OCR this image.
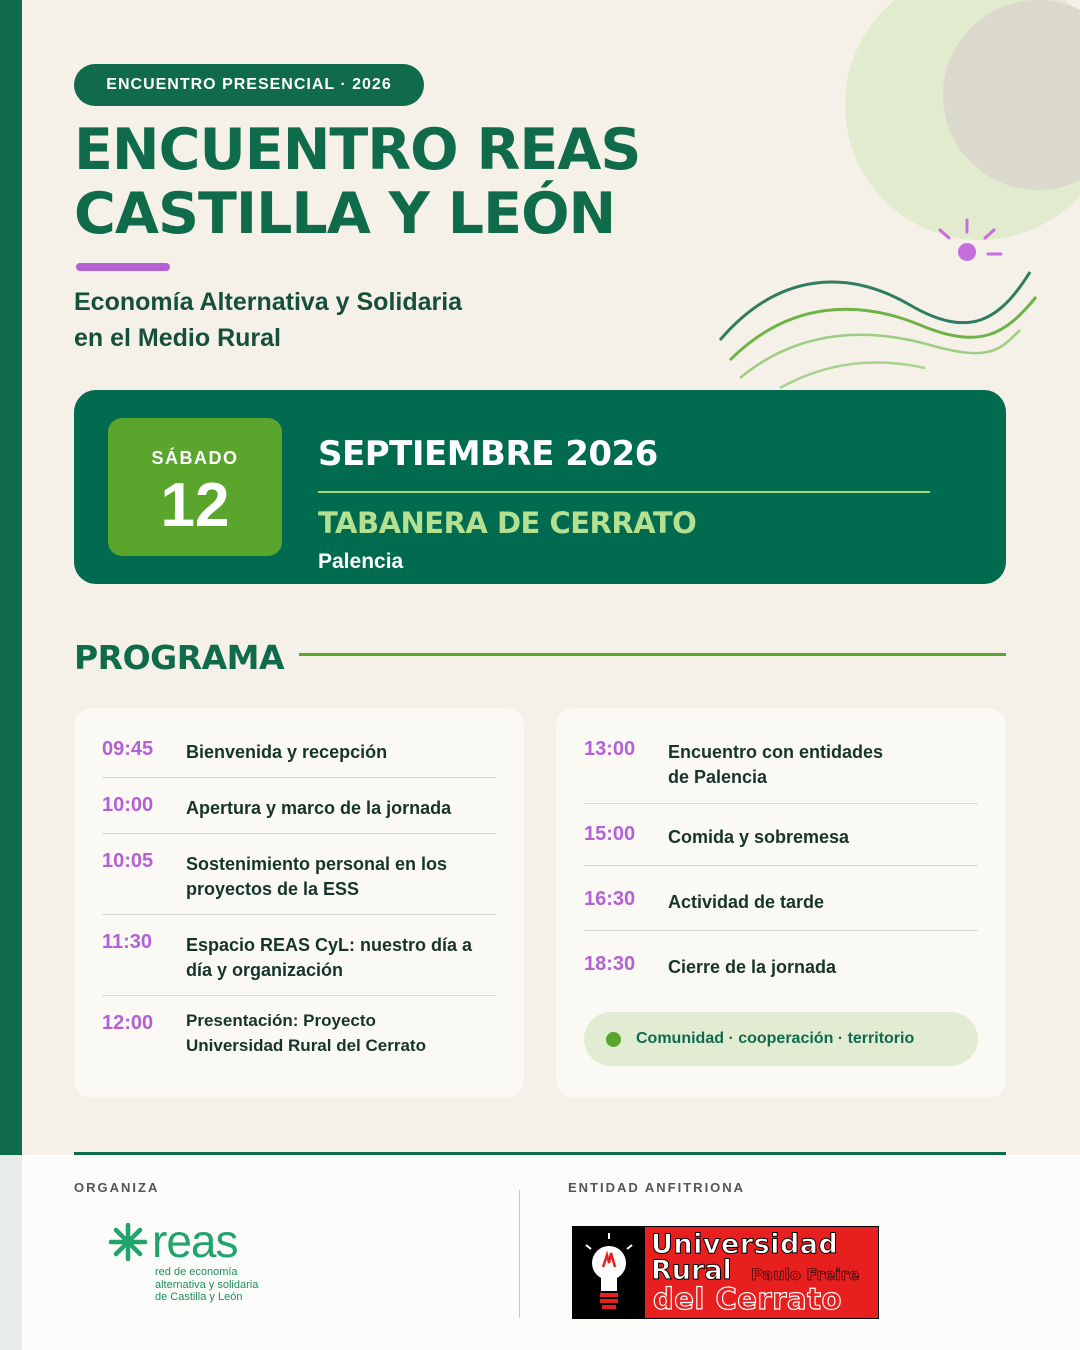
ENCUENTRO PRESENCIAL · 2026
ENCUENTRO REAS
CASTILLA Y LEÓN
Economía Alternativa y Solidaria
en el Medio Rural
SÁBADO
12
SEPTIEMBRE 2026
TABANERA DE CERRATO
Palencia
PROGRAMA
09:45 Bienvenida y recepción
10:00 Apertura y marco de la jornada
10:05 Sostenimiento personal en los proyectos de la ESS
11:30 Espacio REAS CyL: nuestro día a día y organización
12:00 Presentación: Proyecto Universidad Rural del Cerrato
13:00 Encuentro con entidades de Palencia
15:00 Comida y sobremesa
16:30 Actividad de tarde
18:30 Cierre de la jornada
Comunidad · cooperación · territorio
ORGANIZA	ENTIDAD ANFITRIONA
reas
red de economía
alternativa y solidaria
de Castilla y León
Universidad
Rural Paulo Freire
del Cerrato
